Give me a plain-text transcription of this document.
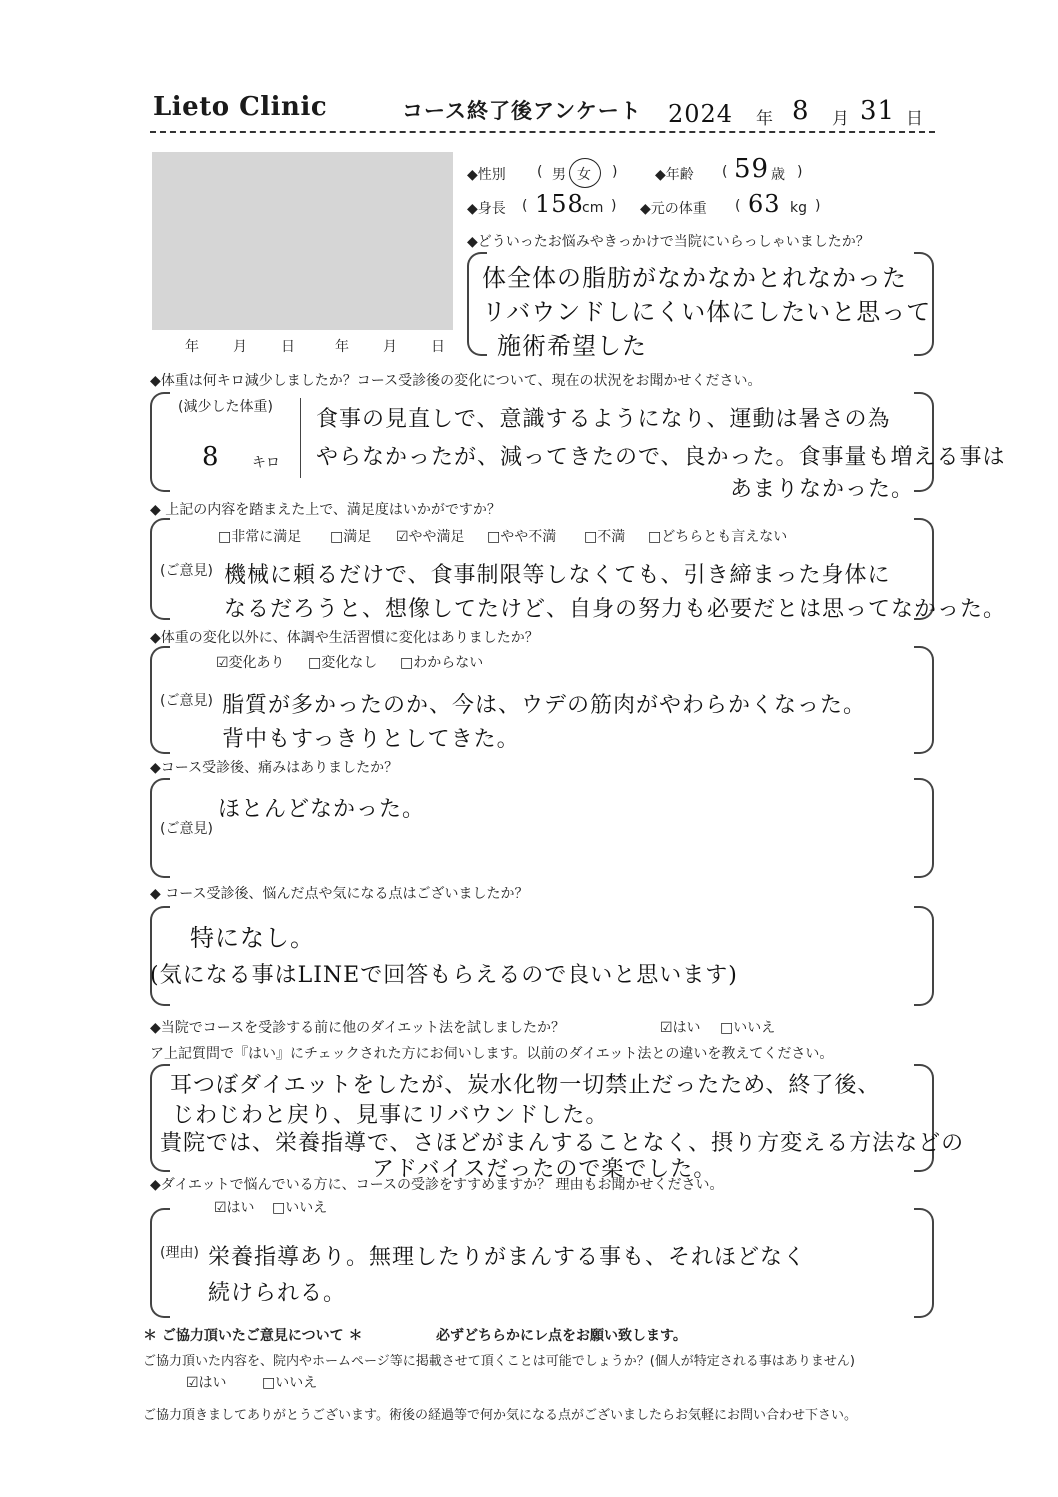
Lieto Clinic	コース終了後アンケート 2024 年 8 月 31 日
年　月　日 年　月　日
◆性別 ( 男 女 )	◆年齢 ( 59 歳 )
◆身長 ( 158
cm ) ◆元の体重 ( 63 kg )
◆どういったお悩みやきっかけで当院にいらっしゃいましたか？
体全体の脂肪がなかなかとれなかった
リバウンドしにくい体にしたいと思って
施術希望した
◆体重は何キロ減少しましたか？コース受診後の変化について、現在の状況をお聞かせください。
(減少した体重)
8 キロ
食事の見直しで、意識するようになり、運動は暑さの為
やらなかったが、減ってきたので、良かった。食事量も増える事は
あまりなかった。
◆ 上記の内容を踏まえた上で、満足度はいかがですか？
□非常に満足 □満足 ☑やや満足 □やや不満 □不満 □どちらとも言えない
(ご意見) 機械に頼るだけで、食事制限等しなくても、引き締まった身体に
なるだろうと、想像してたけど、自身の努力も必要だとは思ってなかった。
◆体重の変化以外に、体調や生活習慣に変化はありましたか？
☑変化あり □変化なし □わからない
(ご意見) 脂質が多かったのか、今は、ウデの筋肉がやわらかくなった。
背中もすっきりとしてきた。
◆コース受診後、痛みはありましたか？
ほとんどなかった。
(ご意見)
◆ コース受診後、悩んだ点や気になる点はございましたか？
特になし。
(気になる事はLINEで回答もらえるので良いと思います)
◆当院でコースを受診する前に他のダイエット法を試しましたか？	☑はい □いいえ
ア上記質問で『はい』にチェックされた方にお伺いします。以前のダイエット法との違いを教えてください。
耳つぼダイエットをしたが、炭水化物一切禁止だったため、終了後、
じわじわと戻り、見事にリバウンドした。
貴院では、栄養指導で、さほどがまんすることなく、摂り方変える方法などの
アドバイスだったので楽でした。
◆ダイエットで悩んでいる方に、コースの受診をすすめますか？ 理由もお聞かせください。
☑はい □いいえ
(理由) 栄養指導あり。無理したりがまんする事も、それほどなく
続けられる。
＊ ご協力頂いたご意見について ＊	必ずどちらかにレ点をお願い致します。
ご協力頂いた内容を、院内やホームページ等に掲載させて頂くことは可能でしょうか？(個人が特定される事はありません)
☑はい	□いいえ
ご協力頂きましてありがとうございます。術後の経過等で何か気になる点がございましたらお気軽にお問い合わせ下さい。
